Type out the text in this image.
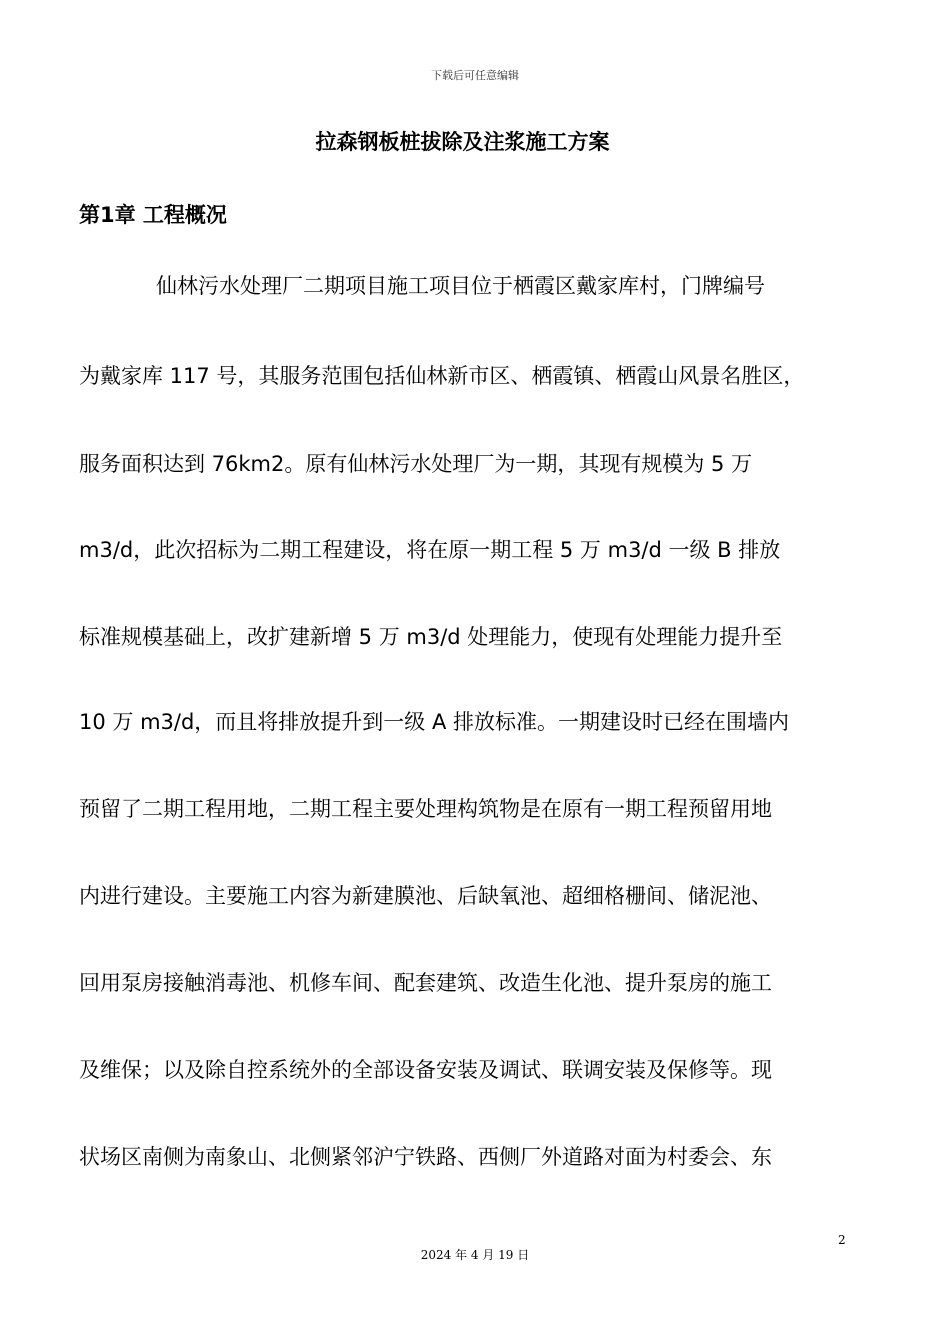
下载后可任意编辑
拉森钢板桩拔除及注浆施工方案
第1章 工程概况
仙林污水处理厂二期项目施工项目位于栖霞区戴家库村，门牌编号
为戴家库 117 号，其服务范围包括仙林新市区、栖霞镇、栖霞山风景名胜区，
服务面积达到 76km2。原有仙林污水处理厂为一期，其现有规模为 5 万
m3/d，此次招标为二期工程建设，将在原一期工程 5 万 m3/d 一级 B 排放
标准规模基础上，改扩建新增 5 万 m3/d 处理能力，使现有处理能力提升至
10 万 m3/d，而且将排放提升到一级 A 排放标准。一期建设时已经在围墙内
预留了二期工程用地，二期工程主要处理构筑物是在原有一期工程预留用地
内进行建设。主要施工内容为新建膜池、后缺氧池、超细格栅间、储泥池、
回用泵房接触消毒池、机修车间、配套建筑、改造生化池、提升泵房的施工
及维保；以及除自控系统外的全部设备安装及调试、联调安装及保修等。现
状场区南侧为南象山、北侧紧邻沪宁铁路、西侧厂外道路对面为村委会、东
2
2024 年 4 月 19 日
